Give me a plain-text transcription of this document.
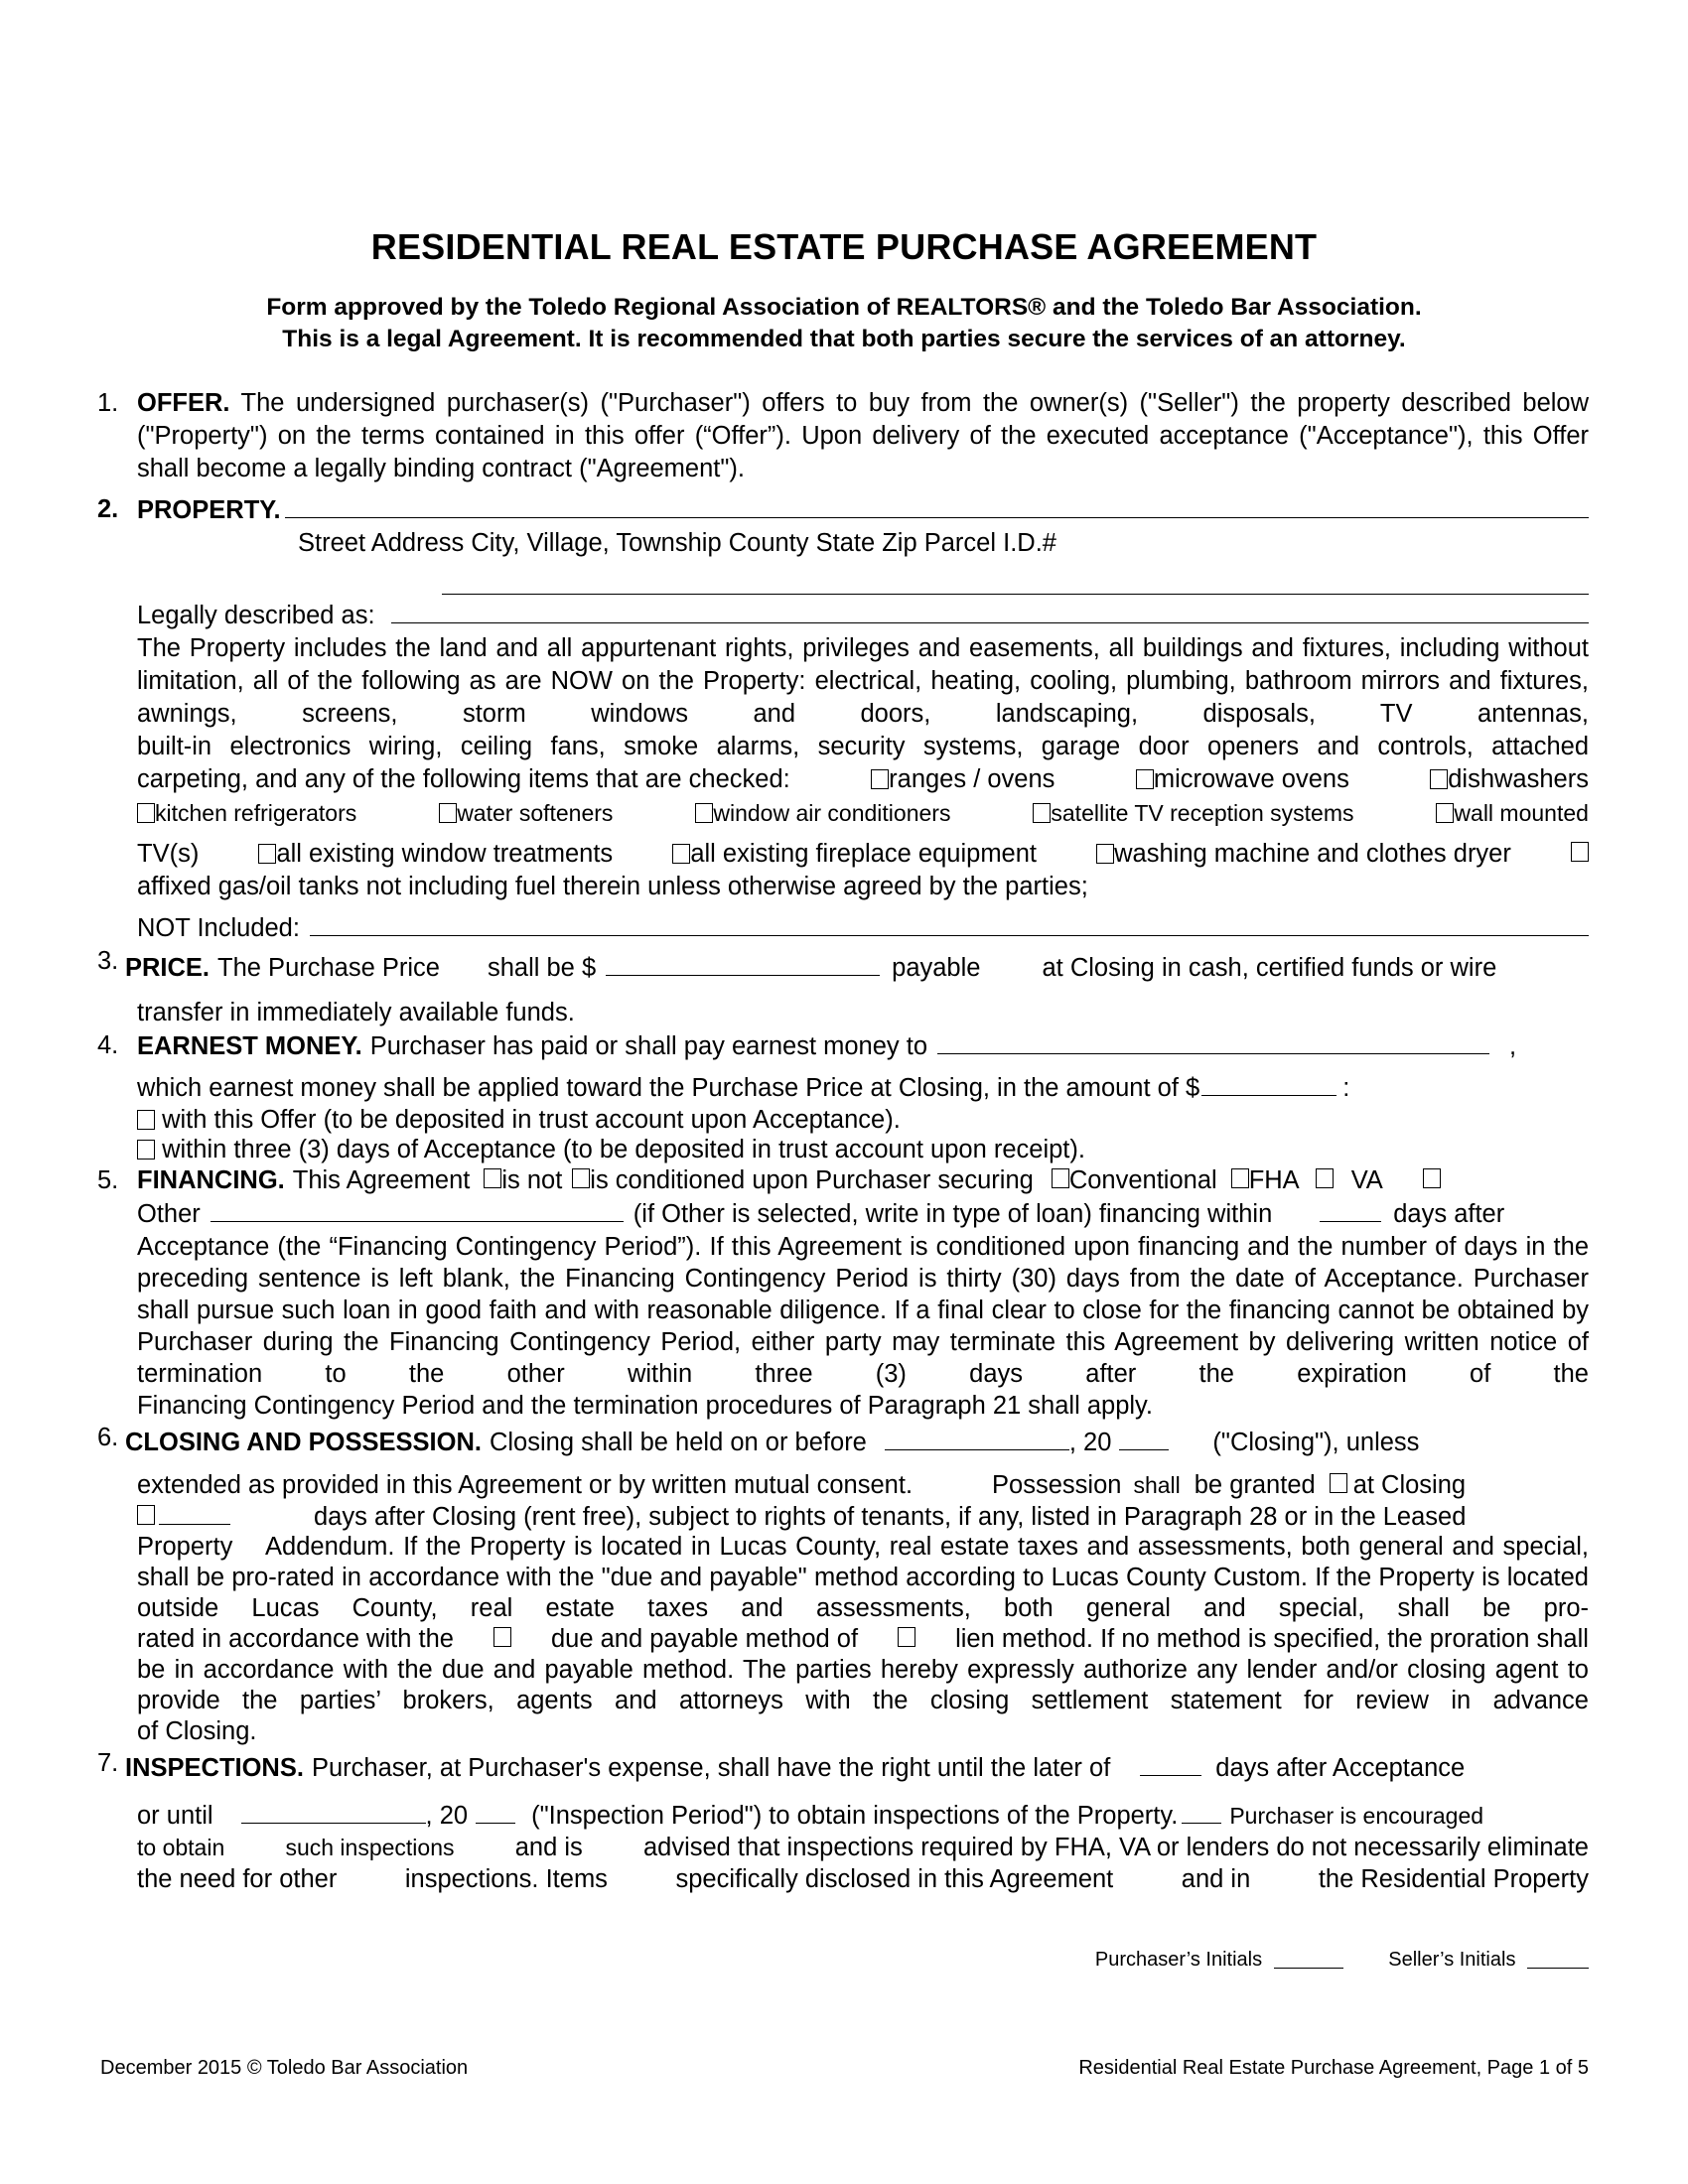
RESIDENTIAL REAL ESTATE PURCHASE AGREEMENT
Form approved by the Toledo Regional Association of REALTORS® and the Toledo Bar Association.
This is a legal Agreement. It is recommended that both parties secure the services of an attorney.
1. OFFER. The undersigned purchaser(s) ("Purchaser") offers to buy from the owner(s) ("Seller") the property described below ("Property") on the terms contained in this offer (“Offer”). Upon delivery of the executed acceptance ("Acceptance"), this Offer shall become a legally binding contract ("Agreement").
2. PROPERTY.
Street Address City, Village, Township County State Zip Parcel I.D.#
Legally described as:
The Property includes the land and all appurtenant rights, privileges and easements, all buildings and fixtures, including without limitation, all of the following as are NOW on the Property: electrical, heating, cooling, plumbing, bathroom mirrors and fixtures, awnings, screens, storm windows and doors, landscaping, disposals, TV antennas,
built-in electronics wiring, ceiling fans, smoke alarms, security systems, garage door openers and controls, attached
carpeting, and any of the following items that are checked:	ranges / ovens	microwave ovens	dishwashers
kitchen refrigerators	water softeners	window air conditioners	satellite TV reception systems	wall mounted
TV(s)	all existing window treatments	all existing fireplace equipment	washing machine and clothes dryer
affixed gas/oil tanks not including fuel therein unless otherwise agreed by the parties;
NOT Included:
3. PRICE. The Purchase Price shall be $	payable at Closing in cash, certified funds or wire
transfer in immediately available funds.
4. EARNEST MONEY. Purchaser has paid or shall pay earnest money to	,
which earnest money shall be applied toward the Purchase Price at Closing, in the amount of $	:
with this Offer (to be deposited in trust account upon Acceptance).
within three (3) days of Acceptance (to be deposited in trust account upon receipt).
5. FINANCING. This Agreement is not is conditioned upon Purchaser securing Conventional FHA VA
Other	(if Other is selected, write in type of loan) financing within	days after
Acceptance (the “Financing Contingency Period”). If this Agreement is conditioned upon financing and the number of days in the preceding sentence is left blank, the Financing Contingency Period is thirty (30) days from the date of Acceptance. Purchaser shall pursue such loan in good faith and with reasonable diligence. If a final clear to close for the financing cannot be obtained by Purchaser during the Financing Contingency Period, either party may terminate this Agreement by delivering written notice of termination to the other within three (3) days after the expiration of the
Financing Contingency Period and the termination procedures of Paragraph 21 shall apply.
6. CLOSING AND POSSESSION. Closing shall be held on or before	, 20	("Closing"), unless
extended as provided in this Agreement or by written mutual consent.	Possession shall be granted at Closing
days after Closing (rent free), subject to rights of tenants, if any, listed in Paragraph 28 or in the Leased
Property Addendum. If the Property is located in Lucas County, real estate taxes and assessments, both general and special, shall be pro-rated in accordance with the "due and payable" method according to Lucas County Custom. If the Property is located outside Lucas County, real estate taxes and assessments, both general and special, shall be pro-
rated in accordance with the	due and payable method of	lien method. If no method is specified, the proration shall
be in accordance with the due and payable method. The parties hereby expressly authorize any lender and/or closing agent to provide the parties’ brokers, agents and attorneys with the closing settlement statement for review in advance
of Closing.
7. INSPECTIONS. Purchaser, at Purchaser's expense, shall have the right until the later of	days after Acceptance
or until	, 20	("Inspection Period") to obtain inspections of the Property. Purchaser is encouraged
to obtain	such inspections and is advised that inspections required by FHA, VA or lenders do not necessarily eliminate
the need for other	inspections. Items	specifically disclosed in this Agreement	and in	the Residential Property
Purchaser’s Initials	Seller’s Initials
December 2015 © Toledo Bar Association	Residential Real Estate Purchase Agreement, Page 1 of 5
